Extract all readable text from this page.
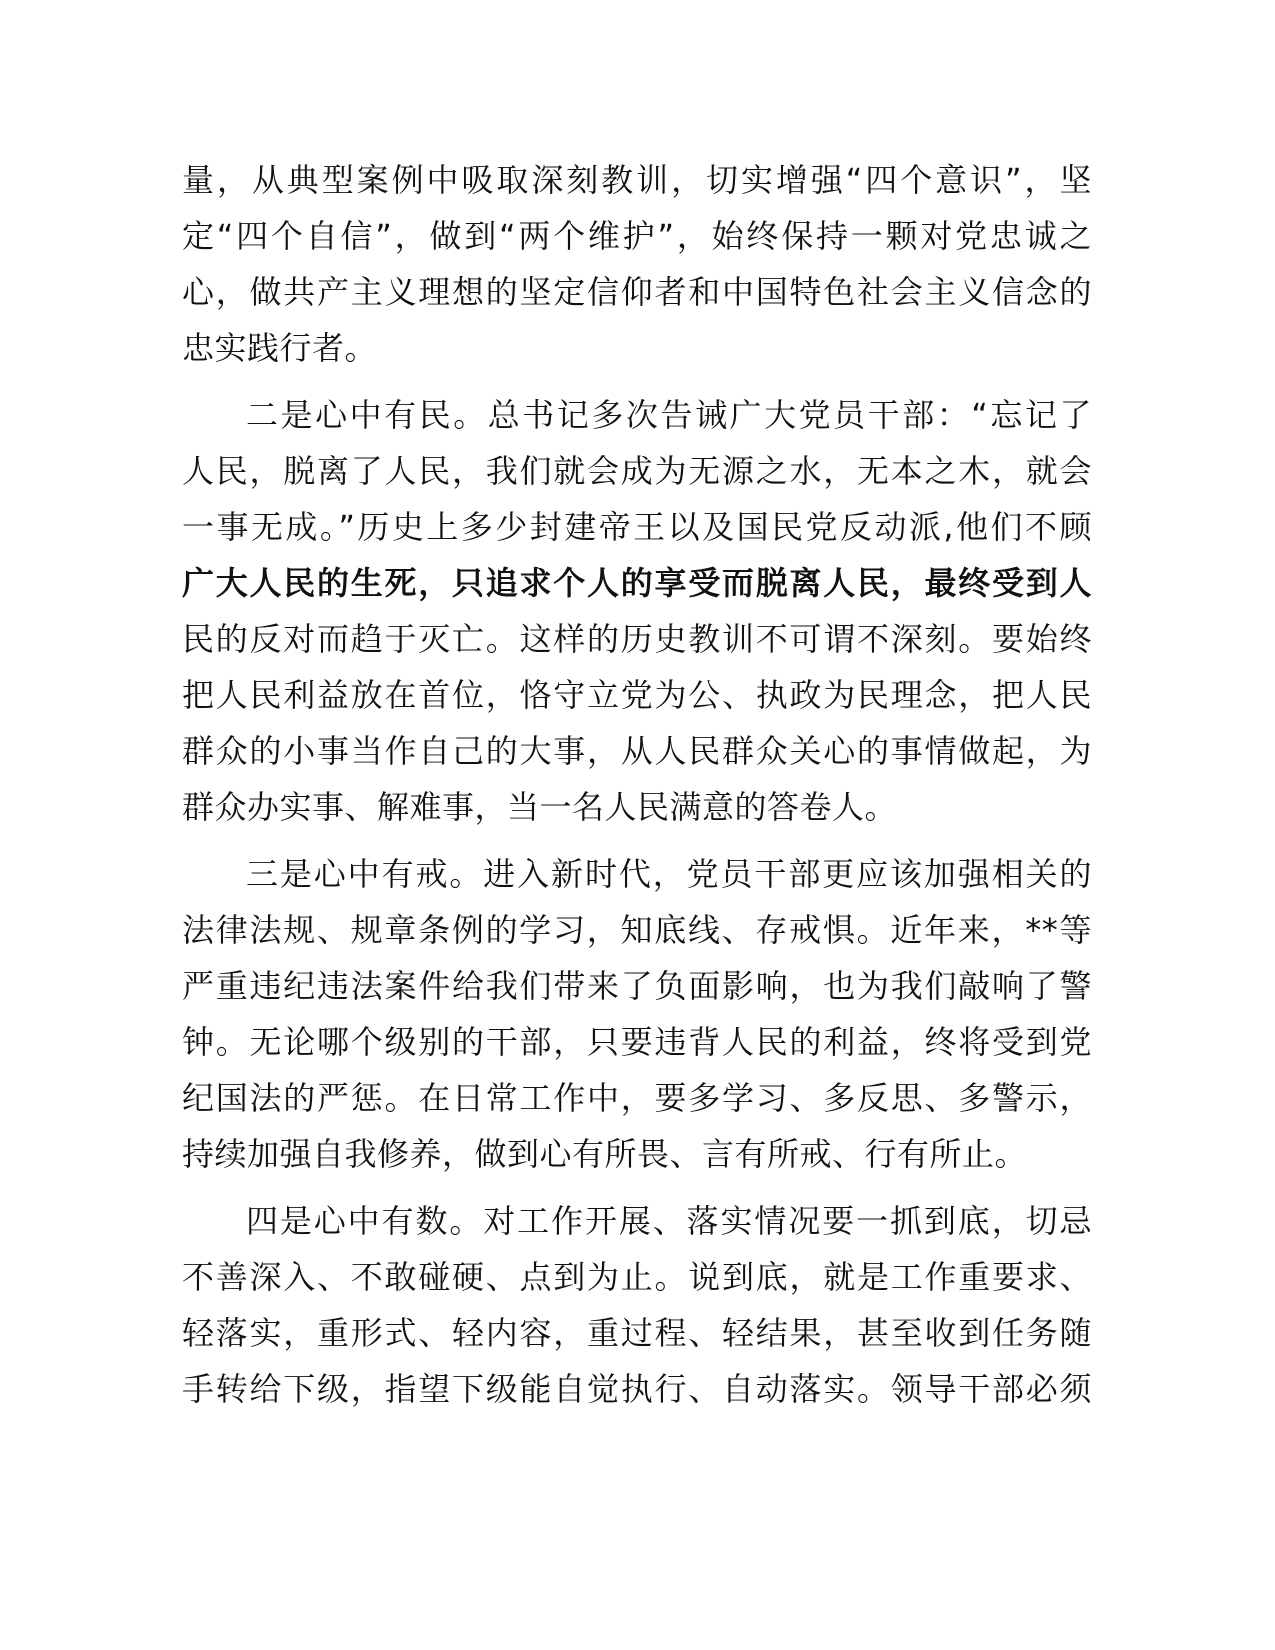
量，从典型案例中吸取深刻教训，切实增强“四个意识”，坚
定“四个自信”，做到“两个维护”，始终保持一颗对党忠诚之
心，做共产主义理想的坚定信仰者和中国特色社会主义信念的
忠实践行者。
二是心中有民。总书记多次告诫广大党员干部：“忘记了
人民，脱离了人民，我们就会成为无源之水，无本之木，就会
一事无成。”历史上多少封建帝王以及国民党反动派,他们不顾
广大人民的生死，只追求个人的享受而脱离人民，最终受到人
民的反对而趋于灭亡。这样的历史教训不可谓不深刻。要始终
把人民利益放在首位，恪守立党为公、执政为民理念，把人民
群众的小事当作自己的大事，从人民群众关心的事情做起，为
群众办实事、解难事，当一名人民满意的答卷人。
三是心中有戒。进入新时代，党员干部更应该加强相关的
法律法规、规章条例的学习，知底线、存戒惧。近年来，**等
严重违纪违法案件给我们带来了负面影响，也为我们敲响了警
钟。无论哪个级别的干部，只要违背人民的利益，终将受到党
纪国法的严惩。在日常工作中，要多学习、多反思、多警示，
持续加强自我修养，做到心有所畏、言有所戒、行有所止。
四是心中有数。对工作开展、落实情况要一抓到底，切忌
不善深入、不敢碰硬、点到为止。说到底，就是工作重要求、
轻落实，重形式、轻内容，重过程、轻结果，甚至收到任务随
手转给下级，指望下级能自觉执行、自动落实。领导干部必须
